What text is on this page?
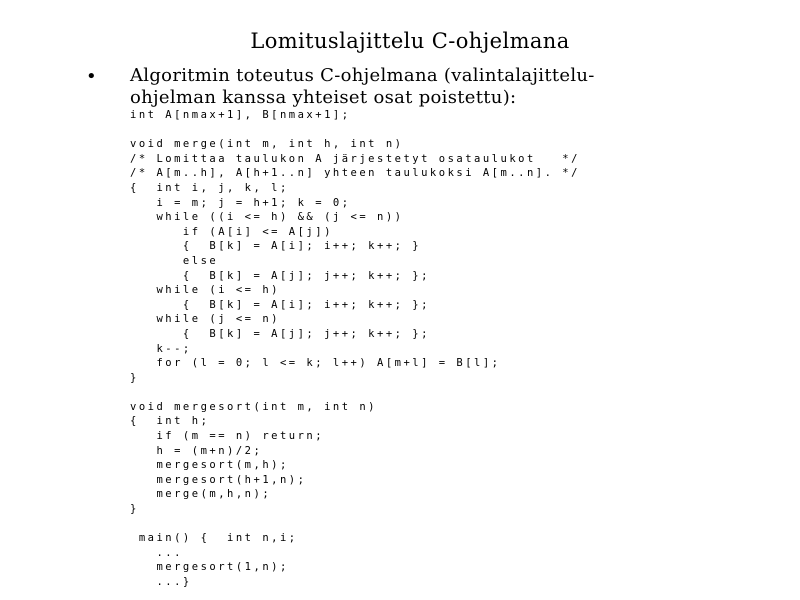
Lomituslajittelu C-ohjelmana
• Algoritmin toteutus C-ohjelmana (valintalajittelu-
ohjelman kanssa yhteiset osat poistettu):
int A[nmax+1], B[nmax+1];
void merge(int m, int h, int n)
/* Lomittaa taulukon A järjestetyt osataulukot   */
/* A[m..h], A[h+1..n] yhteen taulukoksi A[m..n]. */
{  int i, j, k, l;
i = m; j = h+1; k = 0;
while ((i <= h) && (j <= n))
if (A[i] <= A[j])
{  B[k] = A[i]; i++; k++; }
else
{  B[k] = A[j]; j++; k++; };
while (i <= h)
{  B[k] = A[i]; i++; k++; };
while (j <= n)
{  B[k] = A[j]; j++; k++; };
k--;
for (l = 0; l <= k; l++) A[m+l] = B[l];
}
void mergesort(int m, int n)
{  int h;
if (m == n) return;
h = (m+n)/2;
mergesort(m,h);
mergesort(h+1,n);
merge(m,h,n);
}
main() {  int n,i;
...
mergesort(1,n);
...}
